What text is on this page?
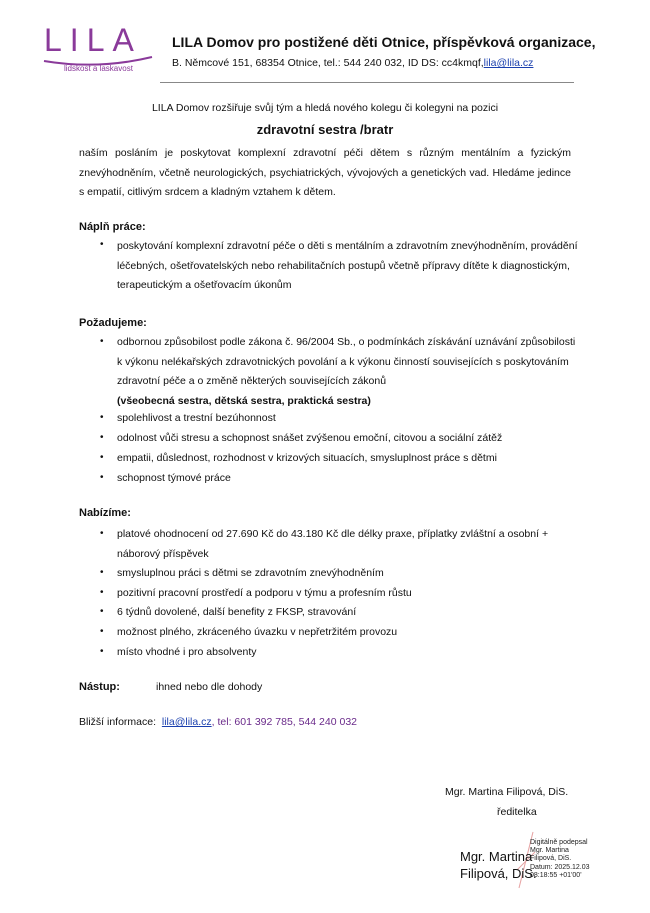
LILA
lidskost a laskavost
LILA Domov pro postižené děti Otnice, příspěvková organizace,
B. Němcové 151, 68354 Otnice, tel.: 544 240 032, ID DS: cc4kmqf,lila@lila.cz
LILA Domov rozšiřuje svůj tým a hledá nového kolegu či kolegyni na pozici
zdravotní sestra /bratr
naším posláním je poskytovat komplexní zdravotní péči dětem s různým mentálním a fyzickým znevýhodněním, včetně neurologických, psychiatrických, vývojových a genetických vad. Hledáme jedince s empatií, citlivým srdcem a kladným vztahem k dětem.
Náplň práce:
• poskytování komplexní zdravotní péče o děti s mentálním a zdravotním znevýhodněním, provádění léčebných, ošetřovatelských nebo rehabilitačních postupů včetně přípravy dítěte k diagnostickým, terapeutickým a ošetřovacím úkonům
Požadujeme:
• odbornou způsobilost podle zákona č. 96/2004 Sb., o podmínkách získávání uznávání způsobilosti k výkonu nelékařských zdravotnických povolání a k výkonu činností souvisejících s poskytováním zdravotní péče a o změně některých souvisejících zákonů
(všeobecná sestra, dětská sestra, praktická sestra)
• spolehlivost a trestní bezúhonnost
• odolnost vůči stresu a schopnost snášet zvýšenou emoční, citovou a sociální zátěž
• empatii, důslednost, rozhodnost v krizových situacích, smysluplnost práce s dětmi
• schopnost týmové práce
Nabízíme:
• platové ohodnocení od 27.690 Kč do 43.180 Kč dle délky praxe, příplatky zvláštní a osobní + náborový příspěvek
• smysluplnou práci s dětmi se zdravotním znevýhodněním
• pozitivní pracovní prostředí a podporu v týmu a profesním růstu
• 6 týdnů dovolené, další benefity z FKSP, stravování
• možnost plného, zkráceného úvazku v nepřetržitém provozu
• místo vhodné i pro absolventy
Nástup:	ihned nebo dle dohody
Bližší informace: lila@lila.cz, tel: 601 392 785, 544 240 032
Mgr. Martina Filipová, DiS.
ředitelka
Mgr. Martina
Filipová, DiS.
Digitálně podepsal
Mgr. Martina
Filipová, DiS.
Datum: 2025.12.03
08:18:55 +01'00'
